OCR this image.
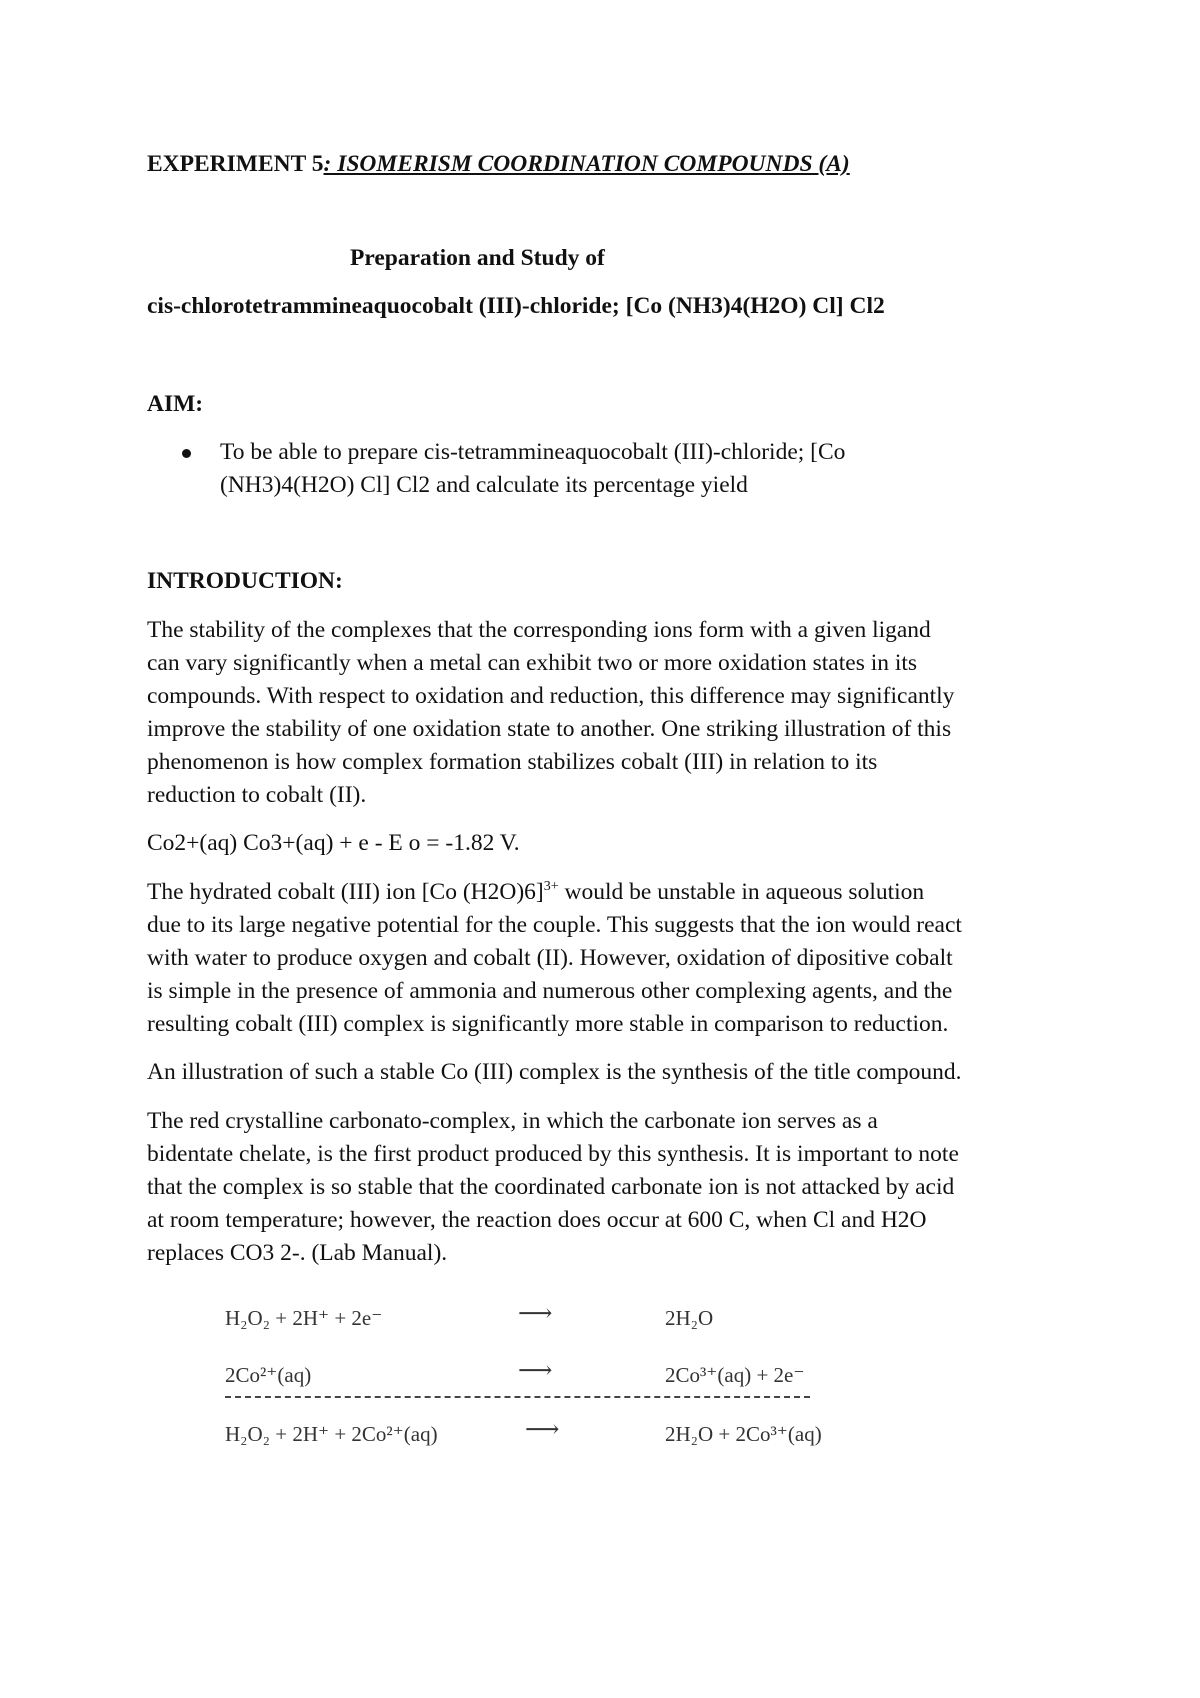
EXPERIMENT 5: ISOMERISM COORDINATION COMPOUNDS (A)
Preparation and Study of
cis-chlorotetrammineaquocobalt (III)-chloride; [Co (NH3)4(H2O) Cl] Cl2
AIM:
To be able to prepare cis-tetrammineaquocobalt (III)-chloride; [Co
(NH3)4(H2O) Cl] Cl2 and calculate its percentage yield
INTRODUCTION:
The stability of the complexes that the corresponding ions form with a given ligand
can vary significantly when a metal can exhibit two or more oxidation states in its
compounds. With respect to oxidation and reduction, this difference may significantly
improve the stability of one oxidation state to another. One striking illustration of this
phenomenon is how complex formation stabilizes cobalt (III) in relation to its
reduction to cobalt (II).
Co2+(aq) Co3+(aq) + e - E o = -1.82 V.
The hydrated cobalt (III) ion [Co (H2O)6]$^{3+}$ would be unstable in aqueous solution
due to its large negative potential for the couple. This suggests that the ion would react
with water to produce oxygen and cobalt (II). However, oxidation of dipositive cobalt
is simple in the presence of ammonia and numerous other complexing agents, and the
resulting cobalt (III) complex is significantly more stable in comparison to reduction.
An illustration of such a stable Co (III) complex is the synthesis of the title compound.
The red crystalline carbonato-complex, in which the carbonate ion serves as a
bidentate chelate, is the first product produced by this synthesis. It is important to note
that the complex is so stable that the coordinated carbonate ion is not attacked by acid
at room temperature; however, the reaction does occur at 600 C, when Cl and H2O
replaces CO3 2-. (Lab Manual).
H₂O₂ + 2H⁺ + 2e⁻	⟶	2H₂O
2Co²⁺(aq)	⟶	2Co³⁺(aq) + 2e⁻
H₂O₂ + 2H⁺ + 2Co²⁺(aq)	⟶	2H₂O + 2Co³⁺(aq)
